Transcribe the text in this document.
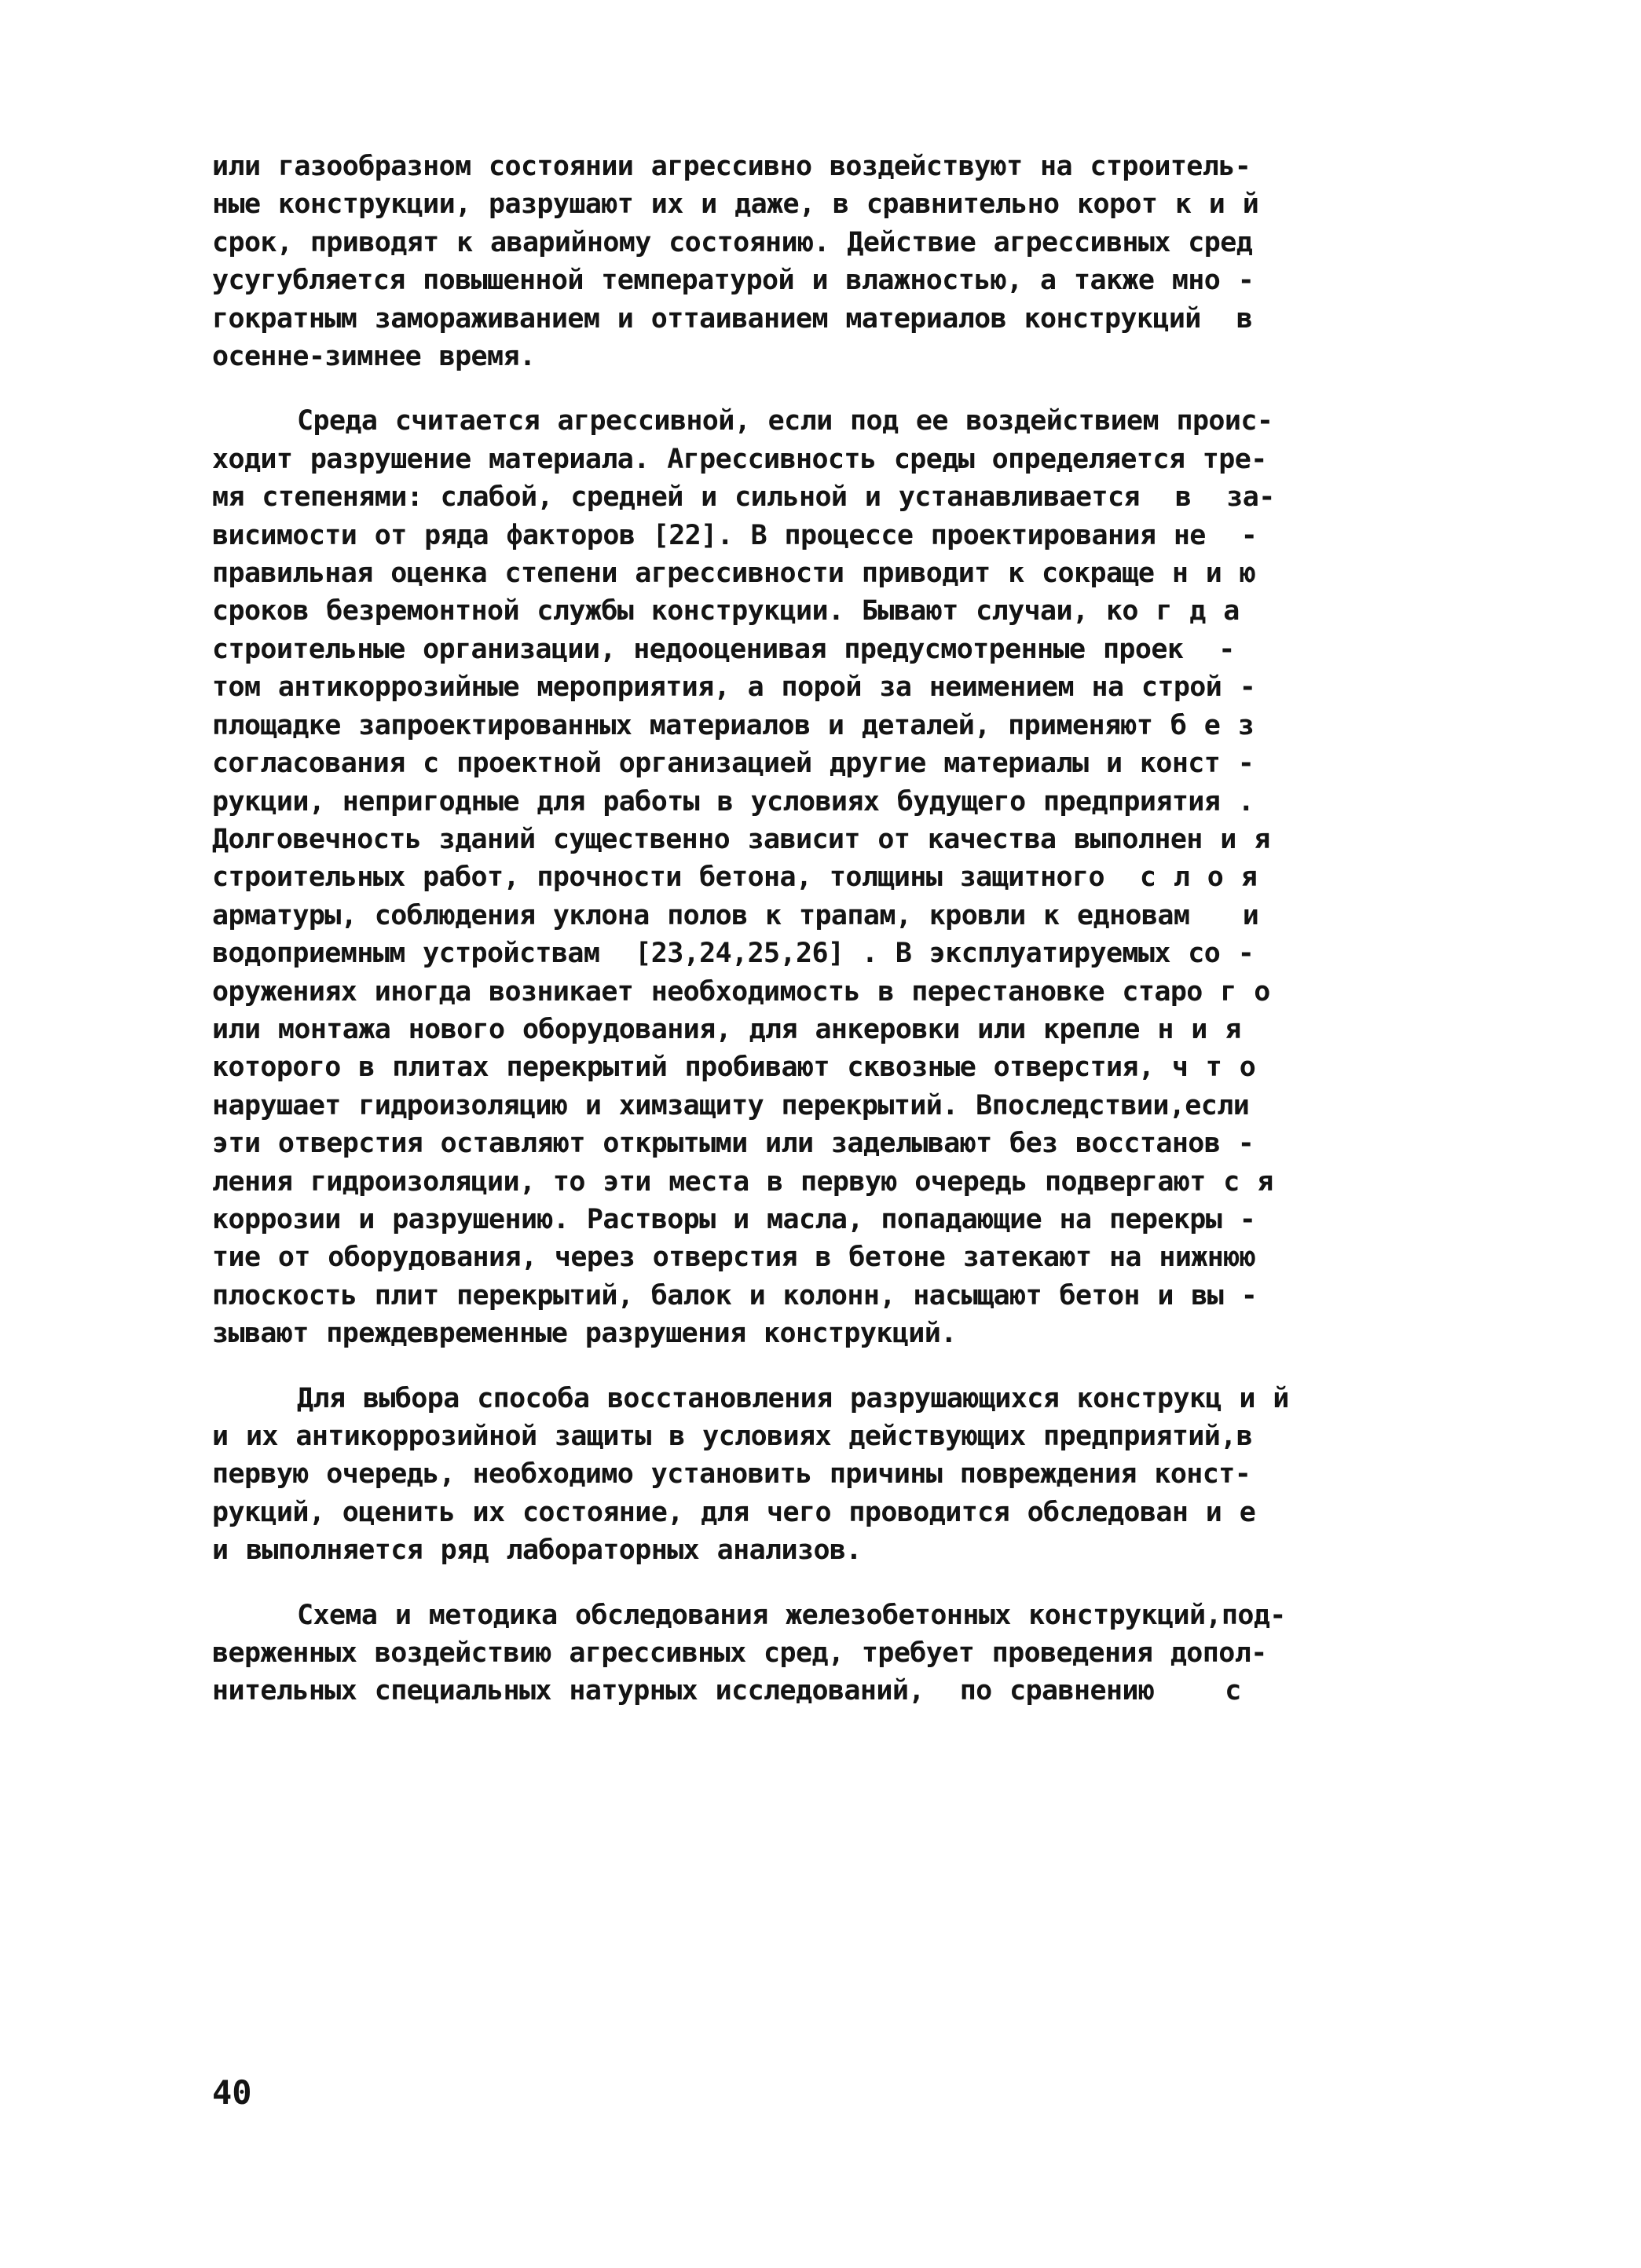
или газообразном состоянии агрессивно воздействуют на строитель-
ные конструкции, разрушают их и даже, в сравнительно корот к и й
срок, приводят к аварийному состоянию. Действие агрессивных сред
усугубляется повышенной температурой и влажностью, а также мно -
гократным замораживанием и оттаиванием материалов конструкций  в
осенне-зимнее время.

Среда считается агрессивной, если под ее воздействием проис-
ходит разрушение материала. Агрессивность среды определяется тре-
мя степенями: слабой, средней и сильной и устанавливается  в  за-
висимости от ряда факторов [22]. В процессе проектирования не  -
правильная оценка степени агрессивности приводит к сокраще н и ю
сроков безремонтной службы конструкции. Бывают случаи, ко г д а
строительные организации, недооценивая предусмотренные проек  -
том антикоррозийные мероприятия, а порой за неимением на строй -
площадке запроектированных материалов и деталей, применяют б е з
согласования с проектной организацией другие материалы и конст -
рукции, непригодные для работы в условиях будущего предприятия .
Долговечность зданий существенно зависит от качества выполнен и я
строительных работ, прочности бетона, толщины защитного  с л о я
арматуры, соблюдения уклона полов к трапам, кровли к едновам   и
водоприемным устройствам  [23,24,25,26] . В эксплуатируемых со -
оружениях иногда возникает необходимость в перестановке старо г о
или монтажа нового оборудования, для анкеровки или крепле н и я
которого в плитах перекрытий пробивают сквозные отверстия, ч т о
нарушает гидроизоляцию и химзащиту перекрытий. Впоследствии,если
эти отверстия оставляют открытыми или заделывают без восстанов -
ления гидроизоляции, то эти места в первую очередь подвергают с я
коррозии и разрушению. Растворы и масла, попадающие на перекры -
тие от оборудования, через отверстия в бетоне затекают на нижнюю
плоскость плит перекрытий, балок и колонн, насыщают бетон и вы -
зывают преждевременные разрушения конструкций.

Для выбора способа восстановления разрушающихся конструкц и й
и их антикоррозийной защиты в условиях действующих предприятий,в
первую очередь, необходимо установить причины повреждения конст-
рукций, оценить их состояние, для чего проводится обследован и е
и выполняется ряд лабораторных анализов.

Схема и методика обследования железобетонных конструкций,под-
верженных воздействию агрессивных сред, требует проведения допол-
нительных специальных натурных исследований,  по сравнению    с

40
